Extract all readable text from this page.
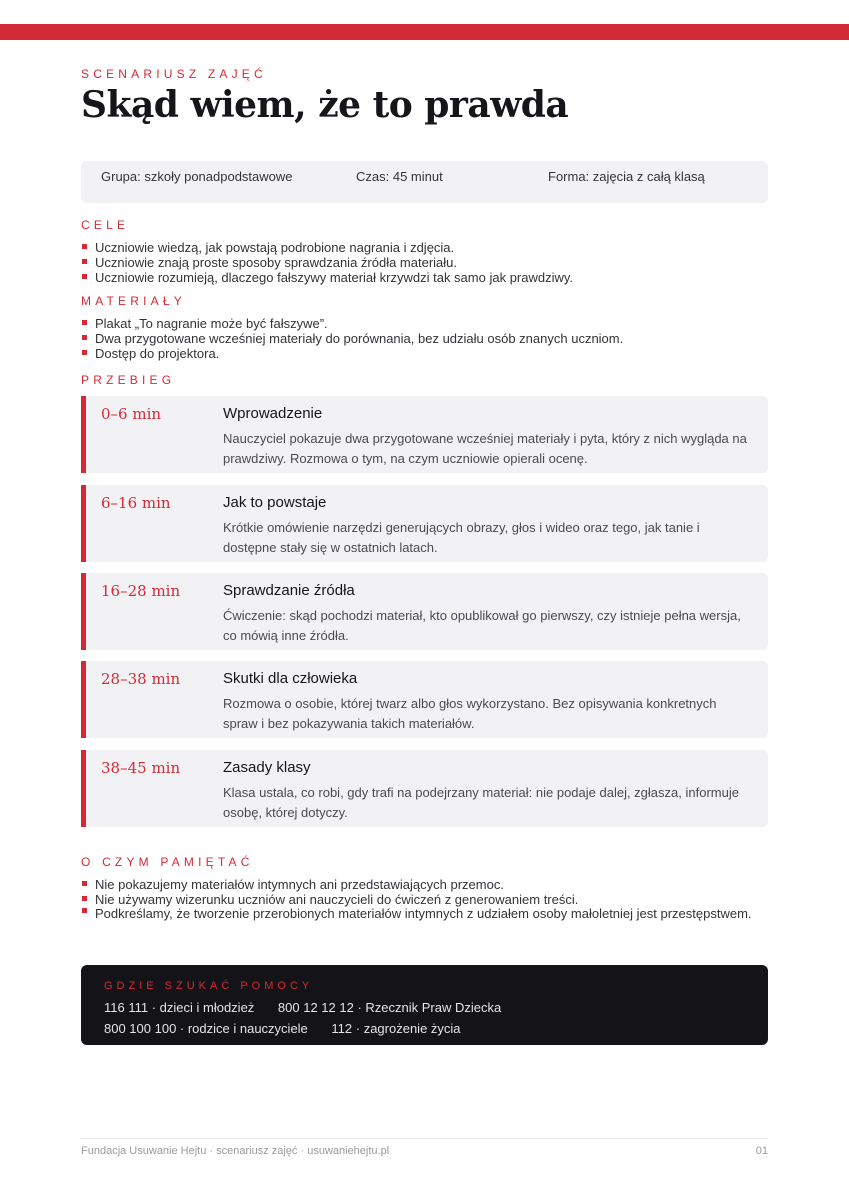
SCENARIUSZ ZAJĘĆ
Skąd wiem, że to prawda
Grupa: szkoły ponadpodstawowe	Czas: 45 minut	Forma: zajęcia z całą klasą
CELE
Uczniowie wiedzą, jak powstają podrobione nagrania i zdjęcia.
Uczniowie znają proste sposoby sprawdzania źródła materiału.
Uczniowie rozumieją, dlaczego fałszywy materiał krzywdzi tak samo jak prawdziwy.
MATERIAŁY
Plakat „To nagranie może być fałszywe”.
Dwa przygotowane wcześniej materiały do porównania, bez udziału osób znanych uczniom.
Dostęp do projektora.
PRZEBIEG
0–6 min	Wprowadzenie
Nauczyciel pokazuje dwa przygotowane wcześniej materiały i pyta, który z nich wygląda na prawdziwy. Rozmowa o tym, na czym uczniowie opierali ocenę.
6–16 min	Jak to powstaje
Krótkie omówienie narzędzi generujących obrazy, głos i wideo oraz tego, jak tanie i dostępne stały się w ostatnich latach.
16–28 min	Sprawdzanie źródła
Ćwiczenie: skąd pochodzi materiał, kto opublikował go pierwszy, czy istnieje pełna wersja, co mówią inne źródła.
28–38 min	Skutki dla człowieka
Rozmowa o osobie, której twarz albo głos wykorzystano. Bez opisywania konkretnych spraw i bez pokazywania takich materiałów.
38–45 min	Zasady klasy
Klasa ustala, co robi, gdy trafi na podejrzany materiał: nie podaje dalej, zgłasza, informuje osobę, której dotyczy.
O CZYM PAMIĘTAĆ
Nie pokazujemy materiałów intymnych ani przedstawiających przemoc.
Nie używamy wizerunku uczniów ani nauczycieli do ćwiczeń z generowaniem treści.
Podkreślamy, że tworzenie przerobionych materiałów intymnych z udziałem osoby małoletniej jest przestępstwem.
GDZIE SZUKAĆ POMOCY
116 111 · dzieci i młodzież 800 12 12 12 · Rzecznik Praw Dziecka
800 100 100 · rodzice i nauczyciele 112 · zagrożenie życia
Fundacja Usuwanie Hejtu · scenariusz zajęć · usuwaniehejtu.pl	01
